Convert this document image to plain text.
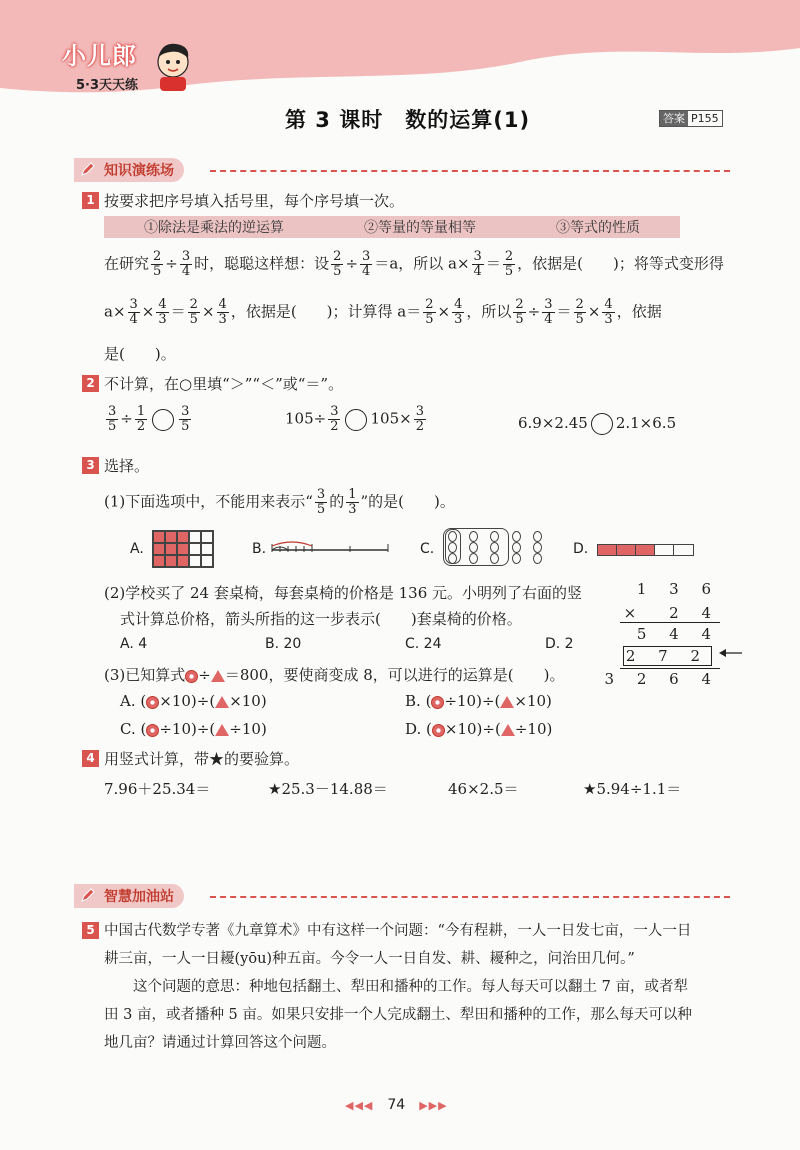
小儿郎
5·3天天练
第 3 课时　数的运算(1)	答案 P155
知识演练场
1 按要求把序号填入括号里，每个序号填一次。
①除法是乘法的逆运算	②等量的等量相等	③等式的性质
在研究 $\frac{2}{5} \div \frac{3}{4}$ 时，聪聪这样想：设 $\frac{2}{5} \div \frac{3}{4} =a$，所以 $a\times \frac{3}{4} = \frac{2}{5}$ ，依据是(　　)；将等式变形得
$a\times \frac{3}{4} \times \frac{4}{3} = \frac{2}{5} \times \frac{4}{3}$ ，依据是(　　)；计算得 $a= \frac{2}{5} \times \frac{4}{3}$ ，所以 $\frac{2}{5} \div \frac{3}{4} = \frac{2}{5} \times \frac{4}{3}$ ，依据
是(　　)。
2 不计算，在○里填“＞”“＜”或“＝”。
$\frac{3}{5} \div \frac{1}{2} \frac{3}{5}$	$105\div \frac{3}{2} 105\times \frac{3}{2}$	6.9×2.45 2.1×6.5
3 选择。
(1)下面选项中，不能用来表示“ $\frac{3}{5}$ 的 $\frac{1}{3}$ ”的是(　　)。
A.	B.	C.	D.
(2)学校买了 24 套桌椅，每套桌椅的价格是 136 元。小明列了右面的竖
式计算总价格，箭头所指的这一步表示(　　)套桌椅的价格。
A. 4	B. 20	C. 24	D. 2
1 3 6
×　2 4
5 4 4
2 7 2
3 2 6 4
(3)已知算式 ÷ ＝800，要使商变成 8，可以进行的运算是(　　)。
A. ( ×10)÷( ×10)	B. ( ÷10)÷( ×10)
C. ( ÷10)÷( ÷10)	D. ( ×10)÷( ÷10)
4 用竖式计算，带★的要验算。
7.96＋25.34＝	★25.3－14.88＝	46×2.5＝	★5.94÷1.1＝
智慧加油站
5 中国古代数学专著《九章算术》中有这样一个问题：“今有程耕，一人一日发七亩，一人一日
耕三亩，一人一日耰(yōu)种五亩。今令一人一日自发、耕、耰种之，问治田几何。”
这个问题的意思：种地包括翻土、犁田和播种的工作。每人每天可以翻土 7 亩，或者犁
田 3 亩，或者播种 5 亩。如果只安排一个人完成翻土、犁田和播种的工作，那么每天可以种
地几亩？请通过计算回答这个问题。
◀◀◀ 74 ▶▶▶
